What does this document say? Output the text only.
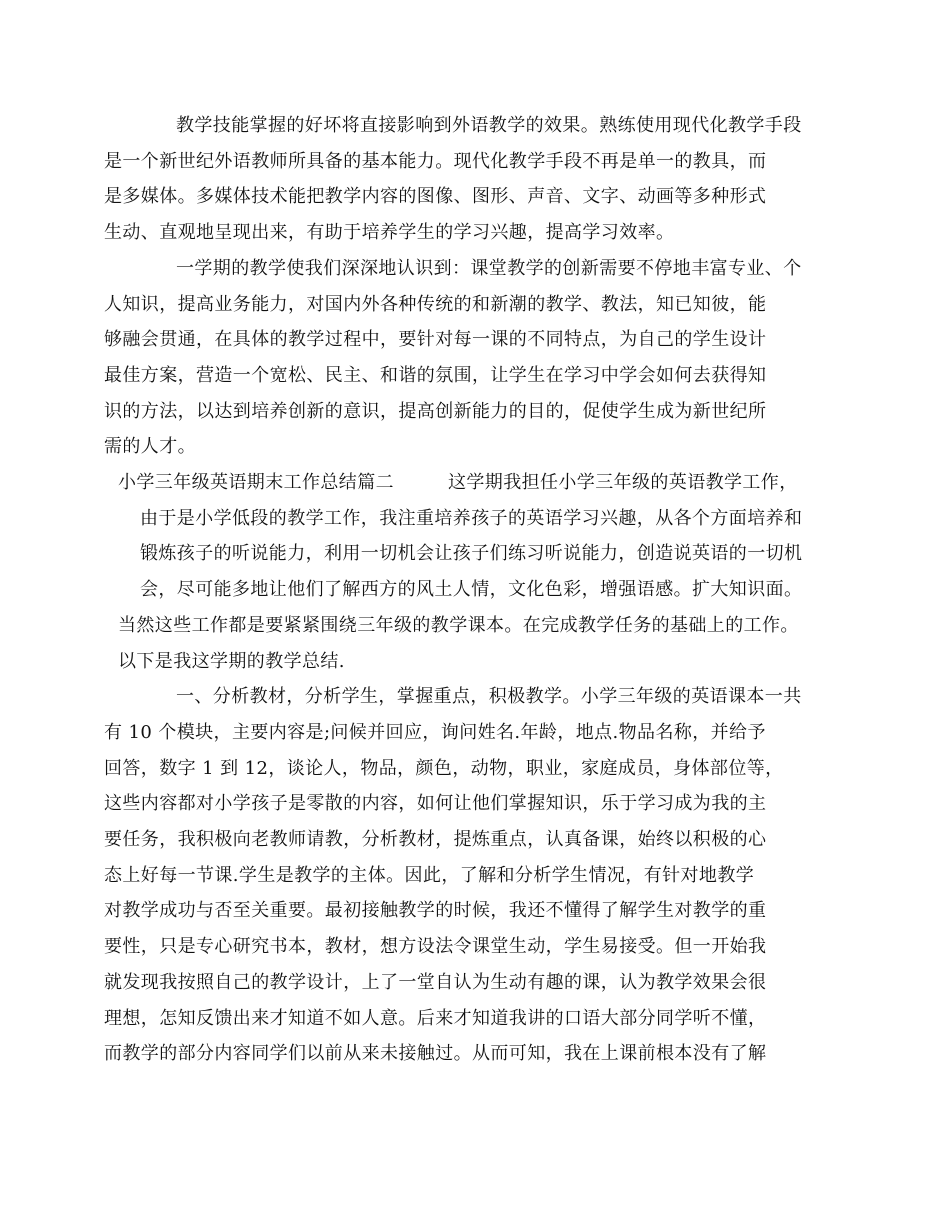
教学技能掌握的好坏将直接影响到外语教学的效果。熟练使用现代化教学手段
是一个新世纪外语教师所具备的基本能力。现代化教学手段不再是单一的教具，而
是多媒体。多媒体技术能把教学内容的图像、图形、声音、文字、动画等多种形式
生动、直观地呈现出来，有助于培养学生的学习兴趣，提高学习效率。

一学期的教学使我们深深地认识到：课堂教学的创新需要不停地丰富专业、个
人知识，提高业务能力，对国内外各种传统的和新潮的教学、教法，知已知彼，能
够融会贯通，在具体的教学过程中，要针对每一课的不同特点，为自己的学生设计
最佳方案，营造一个宽松、民主、和谐的氛围，让学生在学习中学会如何去获得知
识的方法，以达到培养创新的意识，提高创新能力的目的，促使学生成为新世纪所
需的人才。

小学三年级英语期末工作总结篇二	这学期我担任小学三年级的英语教学工作，
由于是小学低段的教学工作，我注重培养孩子的英语学习兴趣，从各个方面培养和
锻炼孩子的听说能力，利用一切机会让孩子们练习听说能力，创造说英语的一切机
会，尽可能多地让他们了解西方的风土人情，文化色彩，增强语感。扩大知识面。
当然这些工作都是要紧紧围绕三年级的教学课本。在完成教学任务的基础上的工作。
以下是我这学期的教学总结.

一、分析教材，分析学生，掌握重点，积极教学。小学三年级的英语课本一共
有 10 个模块，主要内容是;问候并回应，询问姓名.年龄，地点.物品名称，并给予
回答，数字 1 到 12，谈论人，物品，颜色，动物，职业，家庭成员，身体部位等，
这些内容都对小学孩子是零散的内容，如何让他们掌握知识，乐于学习成为我的主
要任务，我积极向老教师请教，分析教材，提炼重点，认真备课，始终以积极的心
态上好每一节课.学生是教学的主体。因此，了解和分析学生情况，有针对地教学
对教学成功与否至关重要。最初接触教学的时候，我还不懂得了解学生对教学的重
要性，只是专心研究书本，教材，想方设法令课堂生动，学生易接受。但一开始我
就发现我按照自己的教学设计，上了一堂自认为生动有趣的课，认为教学效果会很
理想，怎知反馈出来才知道不如人意。后来才知道我讲的口语大部分同学听不懂，
而教学的部分内容同学们以前从来未接触过。从而可知，我在上课前根本没有了解
